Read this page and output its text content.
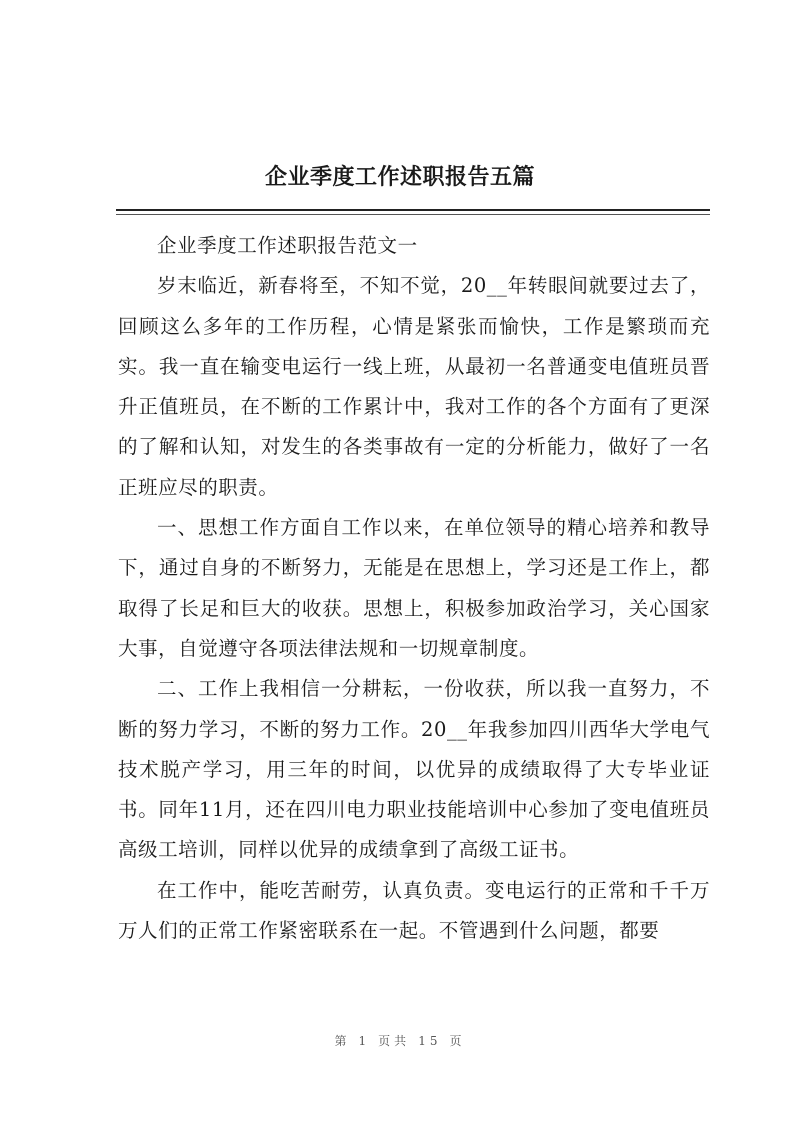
企业季度工作述职报告五篇

企业季度工作述职报告范文一

岁末临近，新春将至，不知不觉，20__年转眼间就要过去了，回顾这么多年的工作历程，心情是紧张而愉快，工作是繁琐而充实。我一直在输变电运行一线上班，从最初一名普通变电值班员晋升正值班员，在不断的工作累计中，我对工作的各个方面有了更深的了解和认知，对发生的各类事故有一定的分析能力，做好了一名正班应尽的职责。

一、思想工作方面自工作以来，在单位领导的精心培养和教导下，通过自身的不断努力，无能是在思想上，学习还是工作上，都取得了长足和巨大的收获。思想上，积极参加政治学习，关心国家大事，自觉遵守各项法律法规和一切规章制度。

二、工作上我相信一分耕耘，一份收获，所以我一直努力，不断的努力学习，不断的努力工作。20__年我参加四川西华大学电气技术脱产学习，用三年的时间，以优异的成绩取得了大专毕业证书。同年11月，还在四川电力职业技能培训中心参加了变电值班员高级工培训，同样以优异的成绩拿到了高级工证书。

在工作中，能吃苦耐劳，认真负责。变电运行的正常和千千万万人们的正常工作紧密联系在一起。不管遇到什么问题，都要

第 1 页共 15 页
